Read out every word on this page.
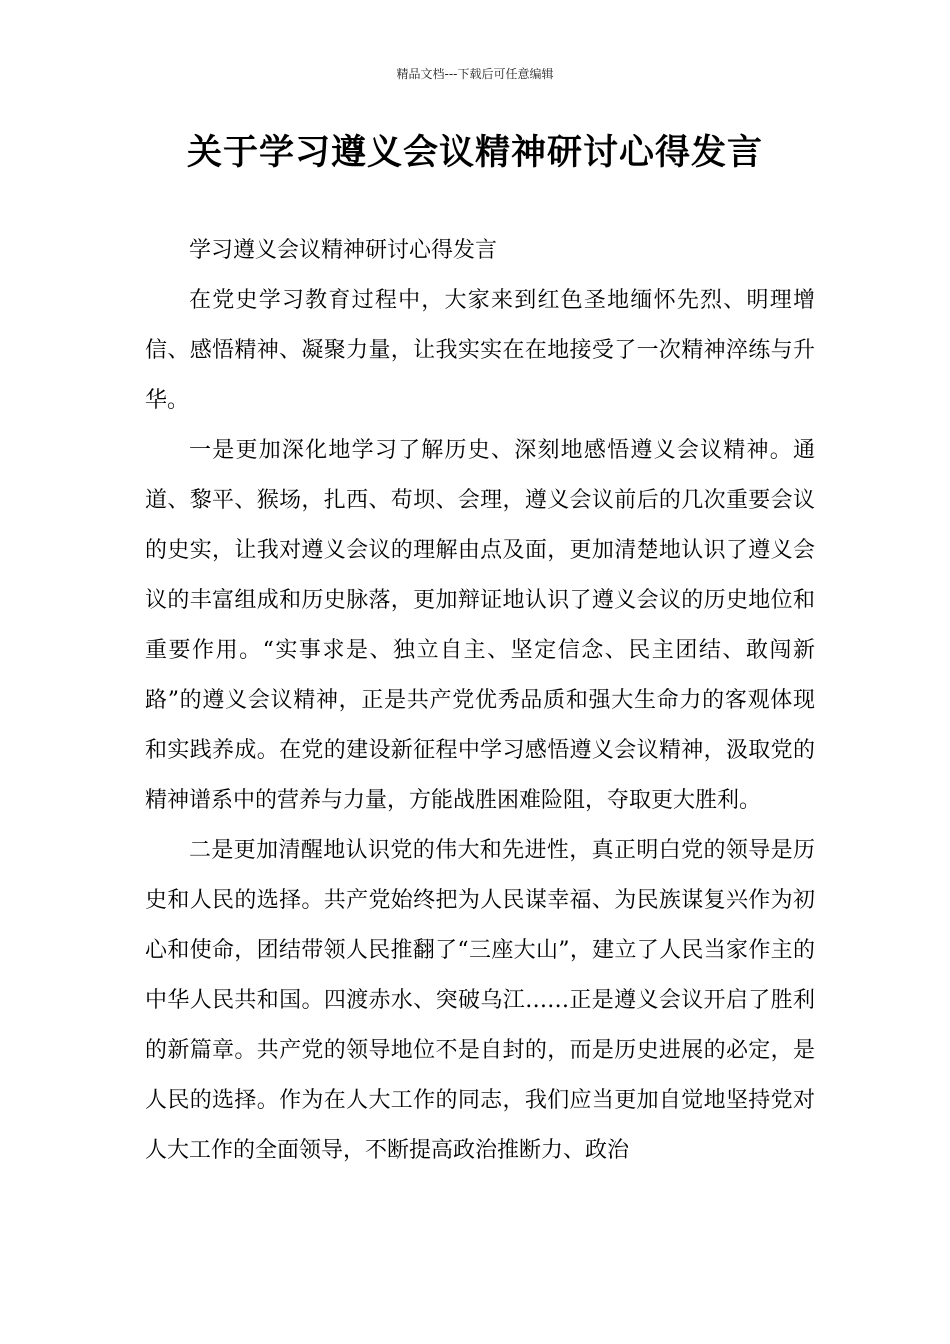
精品文档---下载后可任意编辑
关于学习遵义会议精神研讨心得发言

学习遵义会议精神研讨心得发言

在党史学习教育过程中，大家来到红色圣地缅怀先烈、明理增信、感悟精神、凝聚力量，让我实实在在地接受了一次精神淬练与升华。

一是更加深化地学习了解历史、深刻地感悟遵义会议精神。通道、黎平、猴场，扎西、苟坝、会理，遵义会议前后的几次重要会议的史实，让我对遵义会议的理解由点及面，更加清楚地认识了遵义会议的丰富组成和历史脉落，更加辩证地认识了遵义会议的历史地位和重要作用。“实事求是、独立自主、坚定信念、民主团结、敢闯新路”的遵义会议精神，正是共产党优秀品质和强大生命力的客观体现和实践养成。在党的建设新征程中学习感悟遵义会议精神，汲取党的精神谱系中的营养与力量，方能战胜困难险阻，夺取更大胜利。

二是更加清醒地认识党的伟大和先进性，真正明白党的领导是历史和人民的选择。共产党始终把为人民谋幸福、为民族谋复兴作为初心和使命，团结带领人民推翻了“三座大山”，建立了人民当家作主的中华人民共和国。四渡赤水、突破乌江……正是遵义会议开启了胜利的新篇章。共产党的领导地位不是自封的，而是历史进展的必定，是人民的选择。作为在人大工作的同志，我们应当更加自觉地坚持党对人大工作的全面领导，不断提高政治推断力、政治
